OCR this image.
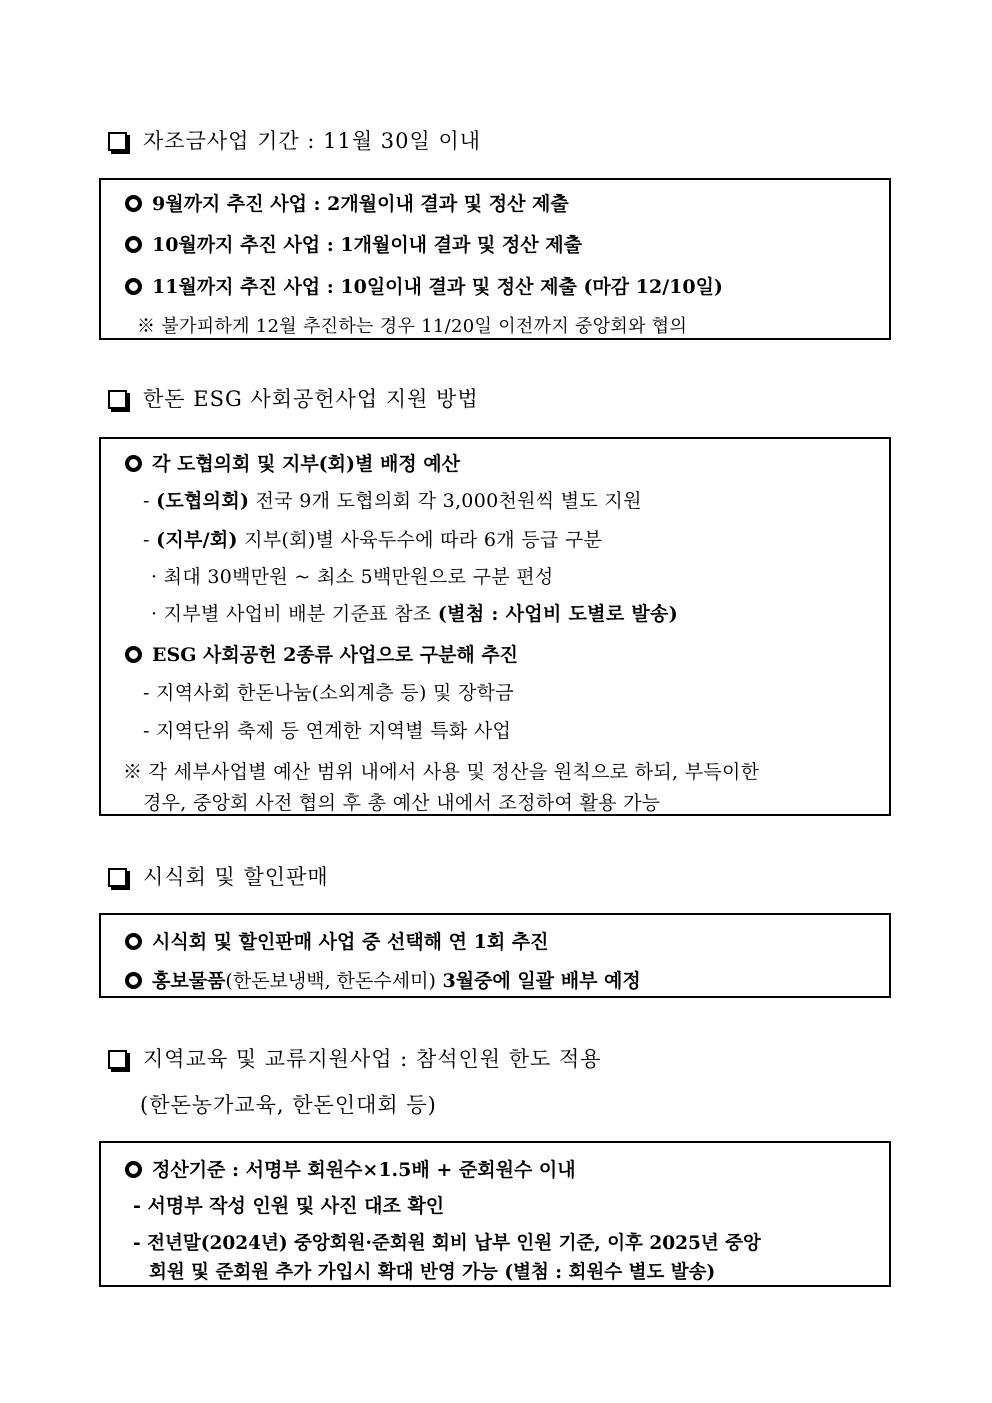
자조금사업 기간 : 11월 30일 이내
9월까지 추진 사업 : 2개월이내 결과 및 정산 제출
10월까지 추진 사업 : 1개월이내 결과 및 정산 제출
11월까지 추진 사업 : 10일이내 결과 및 정산 제출 (마감 12/10일)
※ 불가피하게 12월 추진하는 경우 11/20일 이전까지 중앙회와 협의
한돈 ESG 사회공헌사업 지원 방법
각 도협의회 및 지부(회)별 배정 예산
- (도협의회) 전국 9개 도협의회 각 3,000천원씩 별도 지원
- (지부/회) 지부(회)별 사육두수에 따라 6개 등급 구분
· 최대 30백만원 ~ 최소 5백만원으로 구분 편성
· 지부별 사업비 배분 기준표 참조 (별첨 : 사업비 도별로 발송)
ESG 사회공헌 2종류 사업으로 구분해 추진
- 지역사회 한돈나눔(소외계층 등) 및 장학금
- 지역단위 축제 등 연계한 지역별 특화 사업
※ 각 세부사업별 예산 범위 내에서 사용 및 정산을 원칙으로 하되, 부득이한
경우, 중앙회 사전 협의 후 총 예산 내에서 조정하여 활용 가능
시식회 및 할인판매
시식회 및 할인판매 사업 중 선택해 연 1회 추진
홍보물품(한돈보냉백, 한돈수세미) 3월중에 일괄 배부 예정
지역교육 및 교류지원사업 : 참석인원 한도 적용
(한돈농가교육, 한돈인대회 등)
정산기준 : 서명부 회원수×1.5배 + 준회원수 이내
- 서명부 작성 인원 및 사진 대조 확인
- 전년말(2024년) 중앙회원·준회원 회비 납부 인원 기준, 이후 2025년 중앙
회원 및 준회원 추가 가입시 확대 반영 가능 (별첨 : 회원수 별도 발송)
